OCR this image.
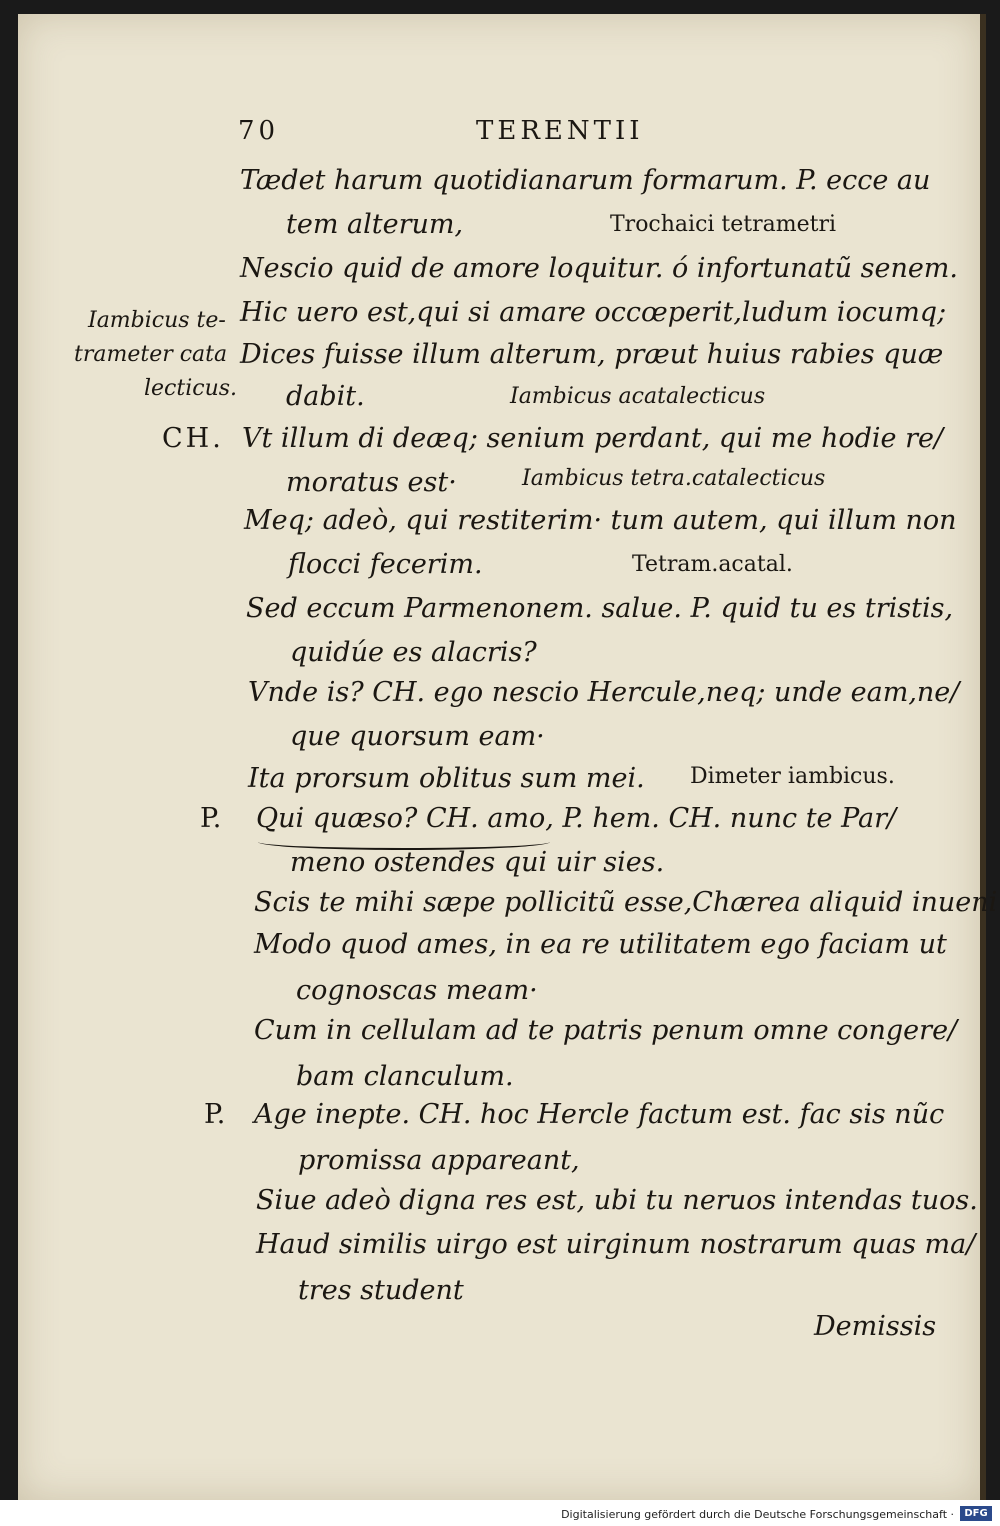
70	TERENTII
Iambicus te-
trameter cata
lecticus.
CH.
P.
P.
Tædet harum quotidianarum formarum. P. ecce au
tem alterum,	Trochaici tetrametri
Nescio quid de amore loquitur. ó infortunatũ senem.
Hic uero est,qui si amare occœperit,ludum iocumq;
Dices fuisse illum alterum, præut huius rabies quæ
dabit.	Iambicus acatalecticus
Vt illum di deæq; senium perdant, qui me hodie re/
moratus est·	Iambicus tetra.catalecticus
Meq; adeò, qui restiterim· tum autem, qui illum non
flocci fecerim.	Tetram.acatal.
Sed eccum Parmenonem. salue. P. quid tu es tristis,
quidúe es alacris?
Vnde is? CH. ego nescio Hercule,neq; unde eam,ne/
que quorsum eam·
Ita prorsum oblitus sum mei. Dimeter iambicus.
Qui quæso? CH. amo, P. hem. CH. nunc te Par/
meno ostendes qui uir sies.
Scis te mihi sæpe pollicitũ esse,Chærea aliquid inueni
Modo quod ames, in ea re utilitatem ego faciam ut
cognoscas meam·
Cum in cellulam ad te patris penum omne congere/
bam clanculum.
Age inepte. CH. hoc Hercle factum est. fac sis nũc
promissa appareant,
Siue adeò digna res est, ubi tu neruos intendas tuos.
Haud similis uirgo est uirginum nostrarum quas ma/
tres student
Demissis
Digitalisierung gefördert durch die Deutsche Forschungsgemeinschaft ·	DFG
